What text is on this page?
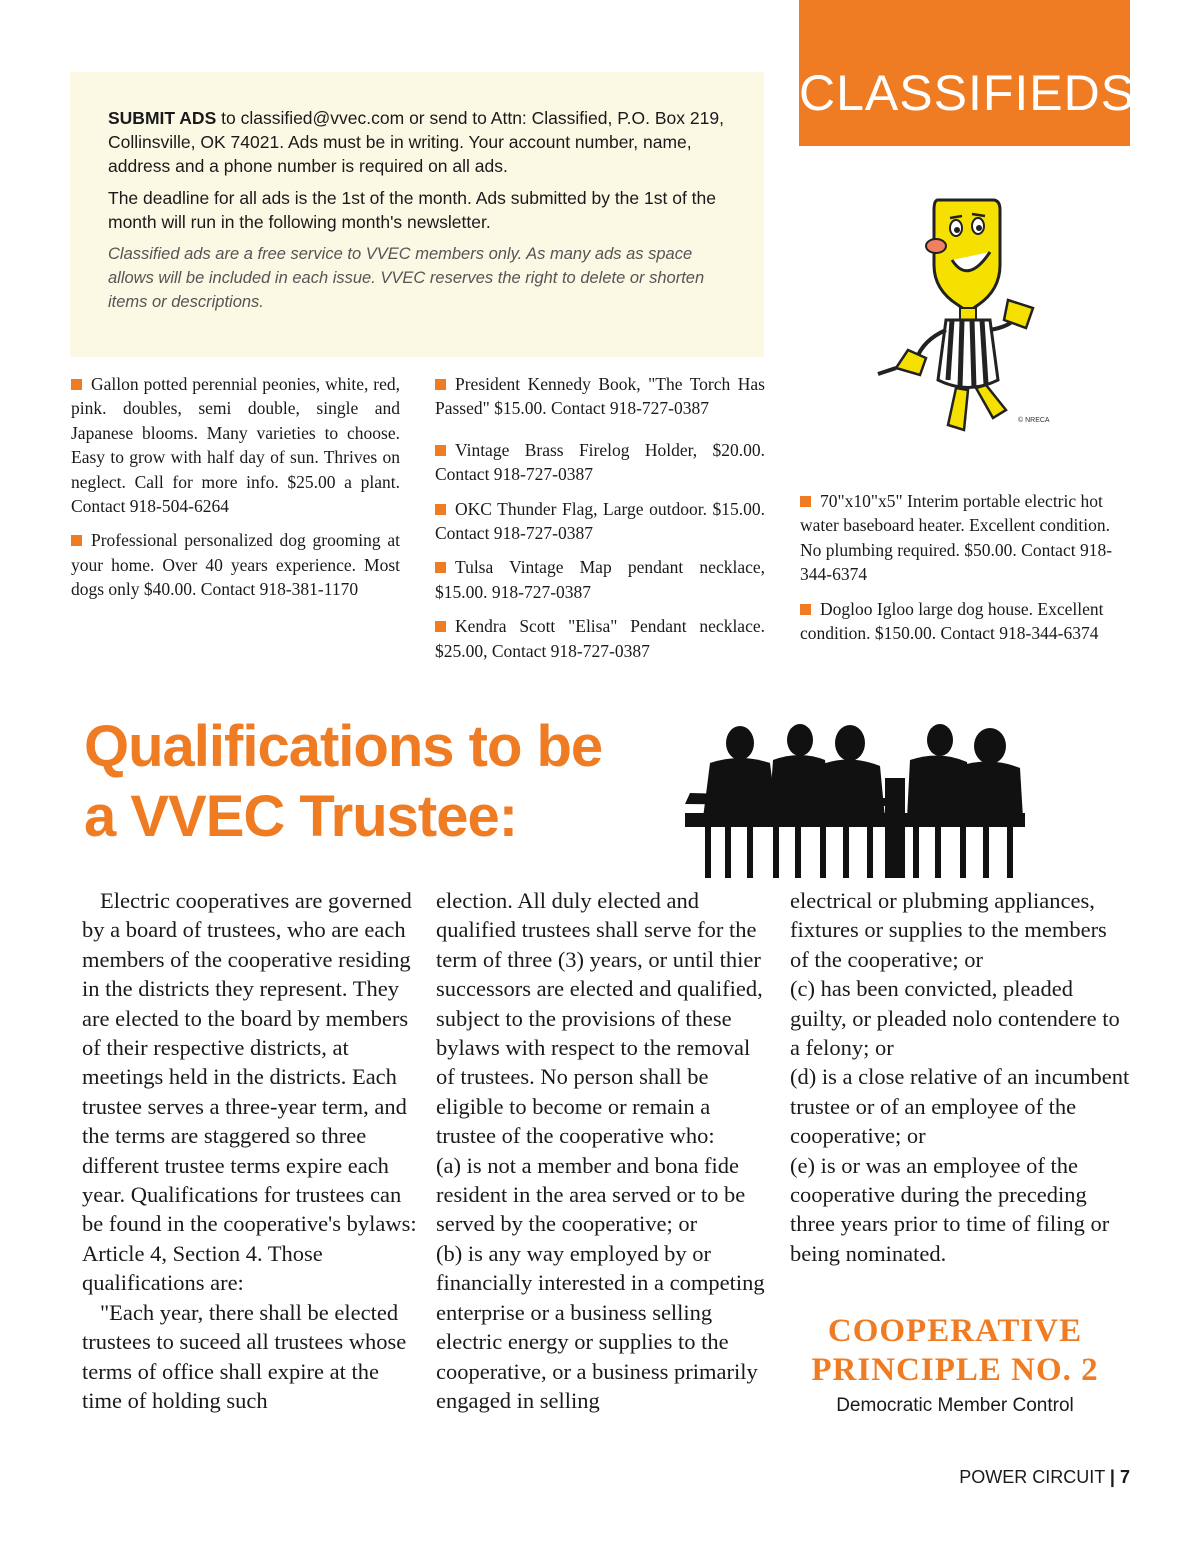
CLASSIFIEDS

SUBMIT ADS to classified@vvec.com or send to Attn: Classified, P.O. Box 219, Collinsville, OK 74021. Ads must be in writing. Your account number, name, address and a phone number is required on all ads.

The deadline for all ads is the 1st of the month. Ads submitted by the 1st of the month will run in the following month's newsletter.

Classified ads are a free service to VVEC members only. As many ads as space allows will be included in each issue. VVEC reserves the right to delete or shorten items or descriptions.

Gallon potted perennial peonies, white, red, pink. doubles, semi double, single and Japanese blooms. Many varieties to choose. Easy to grow with half day of sun. Thrives on neglect. Call for more info. $25.00 a plant. Contact 918-504-6264

Professional personalized dog grooming at your home. Over 40 years experience. Most dogs only $40.00. Contact 918-381-1170

President Kennedy Book, "The Torch Has Passed" $15.00. Contact 918-727-0387

Vintage Brass Firelog Holder, $20.00. Contact 918-727-0387

OKC Thunder Flag, Large outdoor. $15.00. Contact 918-727-0387

Tulsa Vintage Map pendant necklace, $15.00. 918-727-0387

Kendra Scott "Elisa" Pendant necklace. $25.00, Contact 918-727-0387

© NRECA

70"x10"x5" Interim portable electric hot water baseboard heater. Excellent condition. No plumbing required. $50.00. Contact 918-344-6374

Dogloo Igloo large dog house. Excellent condition. $150.00. Contact 918-344-6374

Qualifications to be
a VVEC Trustee:

Electric cooperatives are governed by a board of trustees, who are each members of the cooperative residing in the districts they represent. They are elected to the board by members of their respective districts, at meetings held in the districts. Each trustee serves a three-year term, and the terms are staggered so three different trustee terms expire each year. Qualifications for trustees can be found in the cooperative's bylaws: Article 4, Section 4. Those qualifications are:

"Each year, there shall be elected trustees to suceed all trustees whose terms of office shall expire at the time of holding such

election. All duly elected and qualified trustees shall serve for the term of three (3) years, or until thier successors are elected and qualified, subject to the provisions of these bylaws with respect to the removal of trustees. No person shall be eligible to become or remain a trustee of the cooperative who:

(a) is not a member and bona fide resident in the area served or to be served by the cooperative; or

(b) is any way employed by or financially interested in a competing enterprise or a business selling electric energy or supplies to the cooperative, or a business primarily engaged in selling

electrical or plubming appliances, fixtures or supplies to the members of the cooperative; or

(c) has been convicted, pleaded guilty, or pleaded nolo contendere to a felony; or

(d) is a close relative of an incumbent trustee or of an employee of the cooperative; or

(e) is or was an employee of the cooperative during the preceding three years prior to time of filing or being nominated.

COOPERATIVE
PRINCIPLE NO. 2
Democratic Member Control
POWER CIRCUIT | 7
